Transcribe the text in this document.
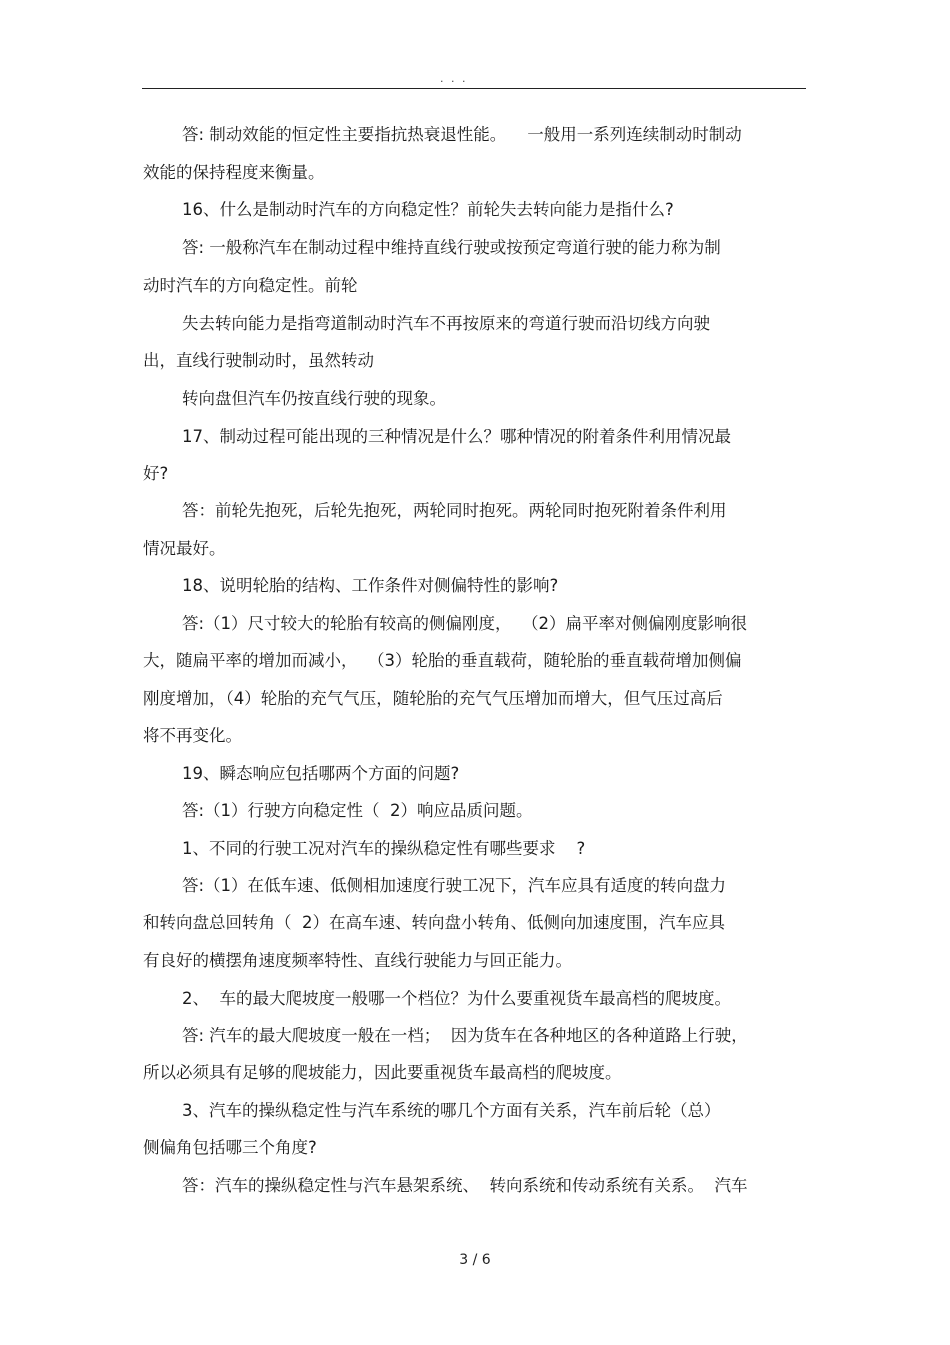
. . .
答: 制动效能的恒定性主要指抗热衰退性能。    一般用一系列连续制动时制动
效能的保持程度来衡量。
16、什么是制动时汽车的方向稳定性？前轮失去转向能力是指什么?
答: 一般称汽车在制动过程中维持直线行驶或按预定弯道行驶的能力称为制
动时汽车的方向稳定性。前轮
失去转向能力是指弯道制动时汽车不再按原来的弯道行驶而沿切线方向驶
出，直线行驶制动时，虽然转动
转向盘但汽车仍按直线行驶的现象。
17、制动过程可能出现的三种情况是什么？哪种情况的附着条件利用情况最
好?
答：前轮先抱死，后轮先抱死，两轮同时抱死。两轮同时抱死附着条件利用
情况最好。
18、说明轮胎的结构、工作条件对侧偏特性的影响?
答:（1）尺寸较大的轮胎有较高的侧偏刚度，  （2）扁平率对侧偏刚度影响很
大，随扁平率的增加而减小，  （3）轮胎的垂直载荷，随轮胎的垂直载荷增加侧偏
刚度增加，（4）轮胎的充气气压，随轮胎的充气气压增加而增大，但气压过高后
将不再变化。
19、瞬态响应包括哪两个方面的问题?
答:（1）行驶方向稳定性（  2）响应品质问题。
1、不同的行驶工况对汽车的操纵稳定性有哪些要求    ?
答:（1）在低车速、低侧相加速度行驶工况下，汽车应具有适度的转向盘力
和转向盘总回转角（  2）在高车速、转向盘小转角、低侧向加速度围，汽车应具
有良好的横摆角速度频率特性、直线行驶能力与回正能力。
2、  车的最大爬坡度一般哪一个档位？为什么要重视货车最高档的爬坡度。
答: 汽车的最大爬坡度一般在一档；  因为货车在各种地区的各种道路上行驶，
所以必须具有足够的爬坡能力，因此要重视货车最高档的爬坡度。
3、汽车的操纵稳定性与汽车系统的哪几个方面有关系，汽车前后轮（总）
侧偏角包括哪三个角度?
答：汽车的操纵稳定性与汽车悬架系统、  转向系统和传动系统有关系。  汽车
3 / 6
